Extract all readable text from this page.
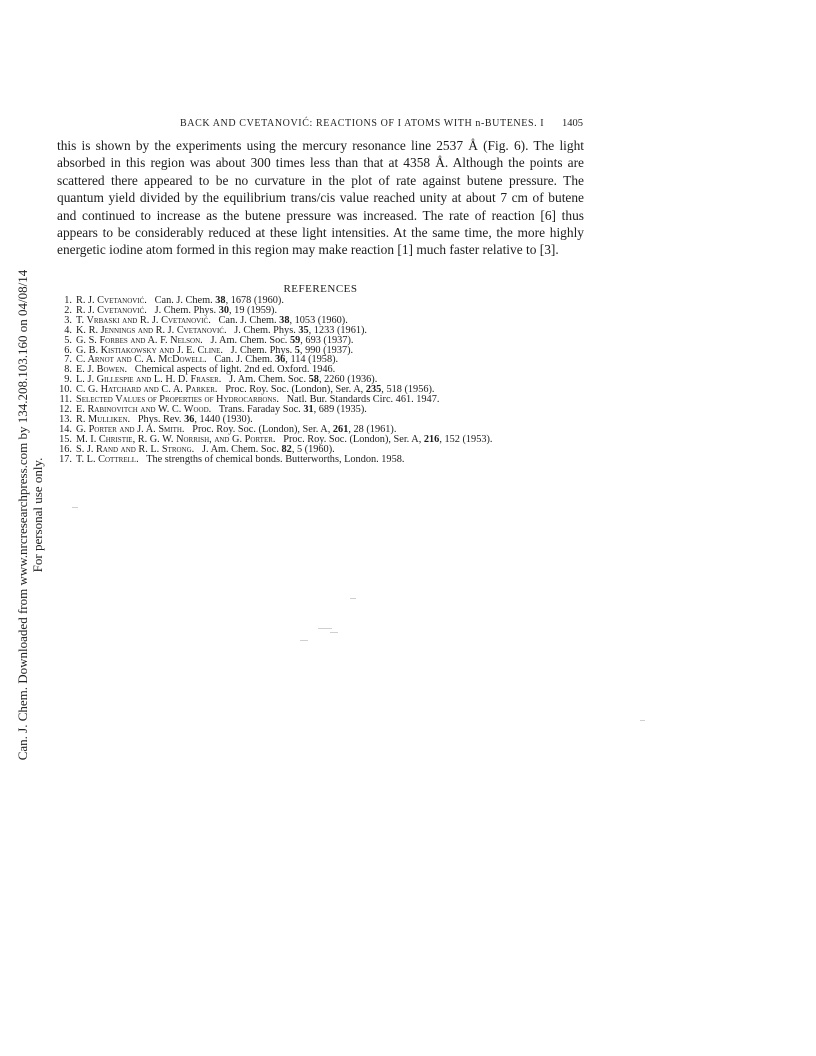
BACK AND CVETANOVIĆ: REACTIONS OF I ATOMS WITH n-BUTENES. I	1405

this is shown by the experiments using the mercury resonance line 2537 Å (Fig. 6). The light absorbed in this region was about 300 times less than that at 4358 Å. Although the points are scattered there appeared to be no curvature in the plot of rate against butene pressure. The quantum yield divided by the equilibrium trans/cis value reached unity at about 7 cm of butene and continued to increase as the butene pressure was increased. The rate of reaction [6] thus appears to be considerably reduced at these light intensities. At the same time, the more highly energetic iodine atom formed in this region may make reaction [1] much faster relative to [3].

REFERENCES
1. R. J. Cvetanović. Can. J. Chem. 38, 1678 (1960).
2. R. J. Cvetanović. J. Chem. Phys. 30, 19 (1959).
3. T. Vrbaski and R. J. Cvetanović. Can. J. Chem. 38, 1053 (1960).
4. K. R. Jennings and R. J. Cvetanović. J. Chem. Phys. 35, 1233 (1961).
5. G. S. Forbes and A. F. Nelson. J. Am. Chem. Soc. 59, 693 (1937).
6. G. B. Kistiakowsky and J. E. Cline. J. Chem. Phys. 5, 990 (1937).
7. C. Arnot and C. A. McDowell. Can. J. Chem. 36, 114 (1958).
8. E. J. Bowen. Chemical aspects of light. 2nd ed. Oxford. 1946.
9. L. J. Gillespie and L. H. D. Fraser. J. Am. Chem. Soc. 58, 2260 (1936).
10. C. G. Hatchard and C. A. Parker. Proc. Roy. Soc. (London), Ser. A, 235, 518 (1956).
11. Selected Values of Properties of Hydrocarbons. Natl. Bur. Standards Circ. 461. 1947.
12. E. Rabinovitch and W. C. Wood. Trans. Faraday Soc. 31, 689 (1935).
13. R. Mulliken. Phys. Rev. 36, 1440 (1930).
14. G. Porter and J. A. Smith. Proc. Roy. Soc. (London), Ser. A, 261, 28 (1961).
15. M. I. Christie, R. G. W. Norrish, and G. Porter. Proc. Roy. Soc. (London), Ser. A, 216, 152 (1953).
16. S. J. Rand and R. L. Strong. J. Am. Chem. Soc. 82, 5 (1960).
17. T. L. Cottrell. The strengths of chemical bonds. Butterworths, London. 1958.
Can. J. Chem. Downloaded from www.nrcresearchpress.com by 134.208.103.160 on 04/08/14 For personal use only.
